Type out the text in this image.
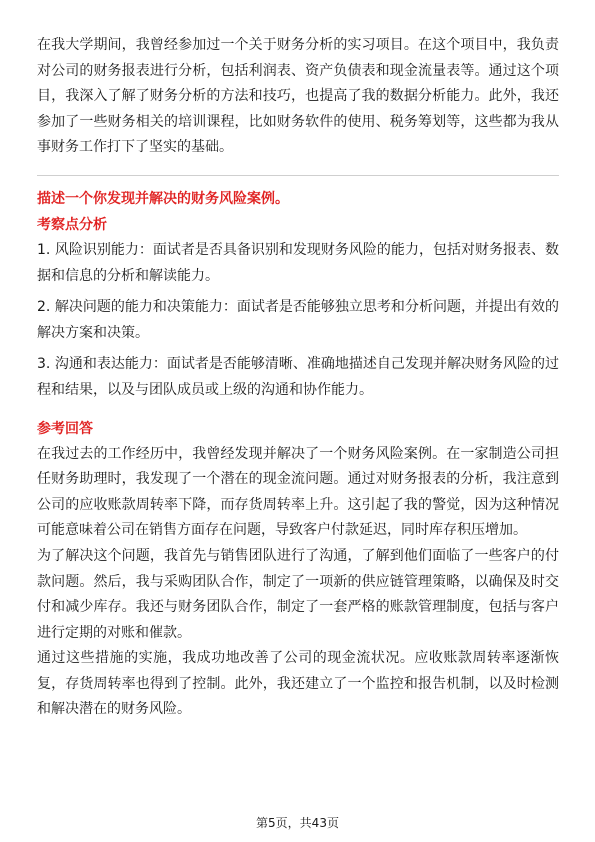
在我大学期间，我曾经参加过一个关于财务分析的实习项目。在这个项目中，我负责对公司的财务报表进行分析，包括利润表、资产负债表和现金流量表等。通过这个项目，我深入了解了财务分析的方法和技巧，也提高了我的数据分析能力。此外，我还参加了一些财务相关的培训课程，比如财务软件的使用、税务筹划等，这些都为我从事财务工作打下了坚实的基础。

描述一个你发现并解决的财务风险案例。

考察点分析

1. 风险识别能力：面试者是否具备识别和发现财务风险的能力，包括对财务报表、数据和信息的分析和解读能力。

2. 解决问题的能力和决策能力：面试者是否能够独立思考和分析问题，并提出有效的解决方案和决策。

3. 沟通和表达能力：面试者是否能够清晰、准确地描述自己发现并解决财务风险的过程和结果，以及与团队成员或上级的沟通和协作能力。

参考回答

在我过去的工作经历中，我曾经发现并解决了一个财务风险案例。在一家制造公司担任财务助理时，我发现了一个潜在的现金流问题。通过对财务报表的分析，我注意到公司的应收账款周转率下降，而存货周转率上升。这引起了我的警觉，因为这种情况可能意味着公司在销售方面存在问题，导致客户付款延迟，同时库存积压增加。

为了解决这个问题，我首先与销售团队进行了沟通，了解到他们面临了一些客户的付款问题。然后，我与采购团队合作，制定了一项新的供应链管理策略，以确保及时交付和减少库存。我还与财务团队合作，制定了一套严格的账款管理制度，包括与客户进行定期的对账和催款。

通过这些措施的实施，我成功地改善了公司的现金流状况。应收账款周转率逐渐恢复，存货周转率也得到了控制。此外，我还建立了一个监控和报告机制，以及时检测和解决潜在的财务风险。

第5页，共43页
